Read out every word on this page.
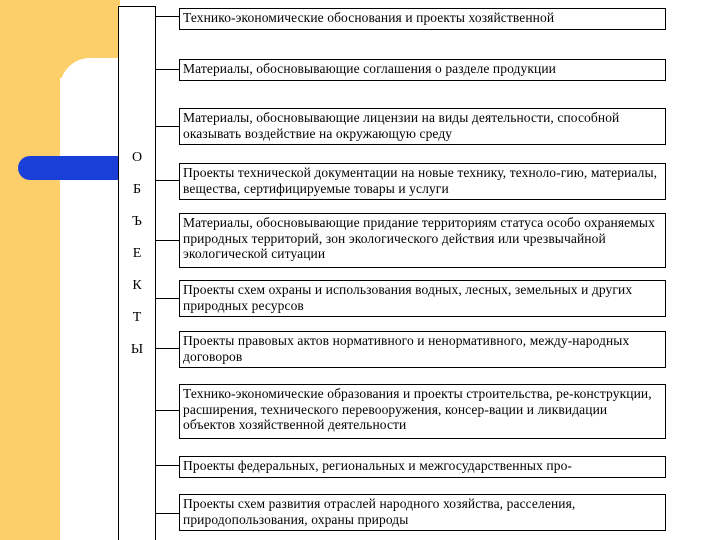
О
Б
Ъ
Е
К
Т
Ы
Технико-экономические обоснования и проекты хозяйственной
Материалы, обосновывающие соглашения о разделе продукции
Материалы, обосновывающие лицензии на виды деятельности, способной оказывать воздействие на окружающую среду
Проекты технической документации на новые технику, техноло-гию, материалы, вещества, сертифицируемые товары и услуги
Материалы, обосновывающие придание территориям статуса особо охраняемых природных территорий, зон экологического действия или чрезвычайной экологической ситуации
Проекты схем охраны и использования водных, лесных, земельных и других природных ресурсов
Проекты правовых актов нормативного и ненормативного, между-народных договоров
Технико-экономические образования и проекты строительства, ре-конструкции, расширения, технического перевооружения, консер-вации и ликвидации объектов хозяйственной деятельности
Проекты федеральных, региональных и межгосударственных про-
Проекты схем развития отраслей народного хозяйства, расселения, природопользования, охраны природы
